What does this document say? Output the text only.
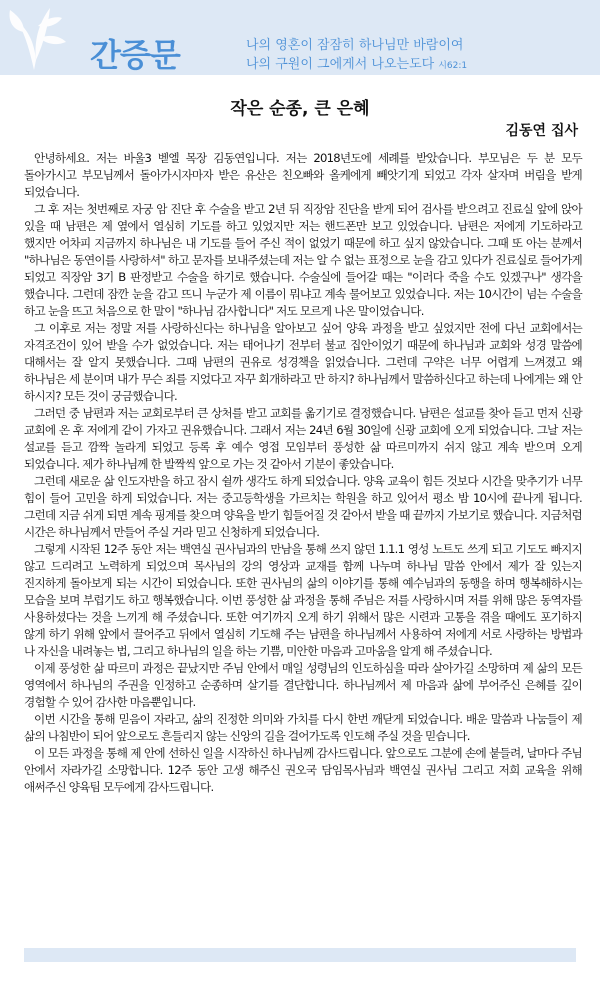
간증문	나의 영혼이 잠잠히 하나님만 바람이여
나의 구원이 그에게서 나오는도다 시62:1
작은 순종, 큰 은혜
김동연 집사

안녕하세요. 저는 바울3 벧엘 목장 김동연입니다. 저는 2018년도에 세례를 받았습니다. 부모님은 두 분 모두 돌아가시고 부모님께서 돌아가시자마자 받은 유산은 친오빠와 올케에게 빼앗기게 되었고 각자 살자며 버림을 받게 되었습니다.

그 후 저는 첫번째로 자궁 암 진단 후 수술을 받고 2년 뒤 직장암 진단을 받게 되어 검사를 받으려고 진료실 앞에 앉아 있을 때 남편은 제 옆에서 열심히 기도를 하고 있었지만 저는 핸드폰만 보고 있었습니다. 남편은 저에게 기도하라고 했지만 어차피 지금까지 하나님은 내 기도를 들어 주신 적이 없었기 때문에 하고 싶지 않았습니다. 그때 또 아는 분께서 "하나님은 동연이를 사랑하셔" 하고 문자를 보내주셨는데 저는 알 수 없는 표정으로 눈을 감고 있다가 진료실로 들어가게 되었고 직장암 3기 B 판정받고 수술을 하기로 했습니다. 수술실에 들어갈 때는 "이러다 죽을 수도 있겠구나" 생각을 했습니다. 그런데 잠깐 눈을 감고 뜨니 누군가 제 이름이 뭐냐고 계속 물어보고 있었습니다. 저는 10시간이 넘는 수술을 하고 눈을 뜨고 처음으로 한 말이 "하나님 감사합니다" 저도 모르게 나온 말이었습니다.

그 이후로 저는 정말 저를 사랑하신다는 하나님을 알아보고 싶어 양육 과정을 받고 싶었지만 전에 다닌 교회에서는 자격조건이 있어 받을 수가 없었습니다. 저는 태어나기 전부터 불교 집안이었기 때문에 하나님과 교회와 성경 말씀에 대해서는 잘 알지 못했습니다. 그때 남편의 권유로 성경책을 읽었습니다. 그런데 구약은 너무 어렵게 느껴졌고 왜 하나님은 세 분이며 내가 무슨 죄를 지었다고 자꾸 회개하라고 만 하지? 하나님께서 말씀하신다고 하는데 나에게는 왜 안 하시지? 모든 것이 궁금했습니다.

그러던 중 남편과 저는 교회로부터 큰 상처를 받고 교회를 옮기기로 결정했습니다. 남편은 설교를 찾아 듣고 먼저 신광 교회에 온 후 저에게 같이 가자고 권유했습니다. 그래서 저는 24년 6월 30일에 신광 교회에 오게 되었습니다. 그날 저는 설교를 듣고 깜짝 놀라게 되었고 등록 후 예수 영접 모임부터 풍성한 삶 따르미까지 쉬지 않고 계속 받으며 오게 되었습니다. 제가 하나님께 한 발짝씩 앞으로 가는 것 같아서 기분이 좋았습니다.

그런데 새로운 삶 인도자반을 하고 잠시 쉴까 생각도 하게 되었습니다. 양육 교육이 힘든 것보다 시간을 맞추기가 너무 힘이 들어 고민을 하게 되었습니다. 저는 중고등학생을 가르치는 학원을 하고 있어서 평소 밤 10시에 끝나게 됩니다. 그런데 지금 쉬게 되면 계속 핑계를 찾으며 양육을 받기 힘들어질 것 같아서 받을 때 끝까지 가보기로 했습니다. 지금처럼 시간은 하나님께서 만들어 주실 거라 믿고 신청하게 되었습니다.

그렇게 시작된 12주 동안 저는 백연실 권사님과의 만남을 통해 쓰지 않던 1.1.1 영성 노트도 쓰게 되고 기도도 빠지지 않고 드리려고 노력하게 되었으며 목사님의 강의 영상과 교재를 함께 나누며 하나님 말씀 안에서 제가 잘 있는지 진지하게 돌아보게 되는 시간이 되었습니다. 또한 권사님의 삶의 이야기를 통해 예수님과의 동행을 하며 행복해하시는 모습을 보며 부럽기도 하고 행복했습니다. 이번 풍성한 삶 과정을 통해 주님은 저를 사랑하시며 저를 위해 많은 동역자를 사용하셨다는 것을 느끼게 해 주셨습니다. 또한 여기까지 오게 하기 위해서 많은 시련과 고통을 겪을 때에도 포기하지 않게 하기 위해 앞에서 끌어주고 뒤에서 열심히 기도해 주는 남편을 하나님께서 사용하여 저에게 서로 사랑하는 방법과 나 자신을 내려놓는 법, 그리고 하나님의 일을 하는 기쁨, 미안한 마음과 고마움을 알게 해 주셨습니다.

이제 풍성한 삶 따르미 과정은 끝났지만 주님 안에서 매일 성령님의 인도하심을 따라 살아가길 소망하며 제 삶의 모든 영역에서 하나님의 주권을 인정하고 순종하며 살기를 결단합니다. 하나님께서 제 마음과 삶에 부어주신 은혜를 깊이 경험할 수 있어 감사한 마음뿐입니다.

이번 시간을 통해 믿음이 자라고, 삶의 진정한 의미와 가치를 다시 한번 깨닫게 되었습니다. 배운 말씀과 나눔들이 제 삶의 나침반이 되어 앞으로도 흔들리지 않는 신앙의 길을 걸어가도록 인도해 주실 것을 믿습니다.

이 모든 과정을 통해 제 안에 선하신 일을 시작하신 하나님께 감사드립니다. 앞으로도 그분에 손에 붙들려, 날마다 주님 안에서 자라가길 소망합니다. 12주 동안 고생 해주신 권오국 담임목사님과 백연실 권사님 그리고 저희 교육을 위해 애써주신 양육팀 모두에게 감사드립니다.
